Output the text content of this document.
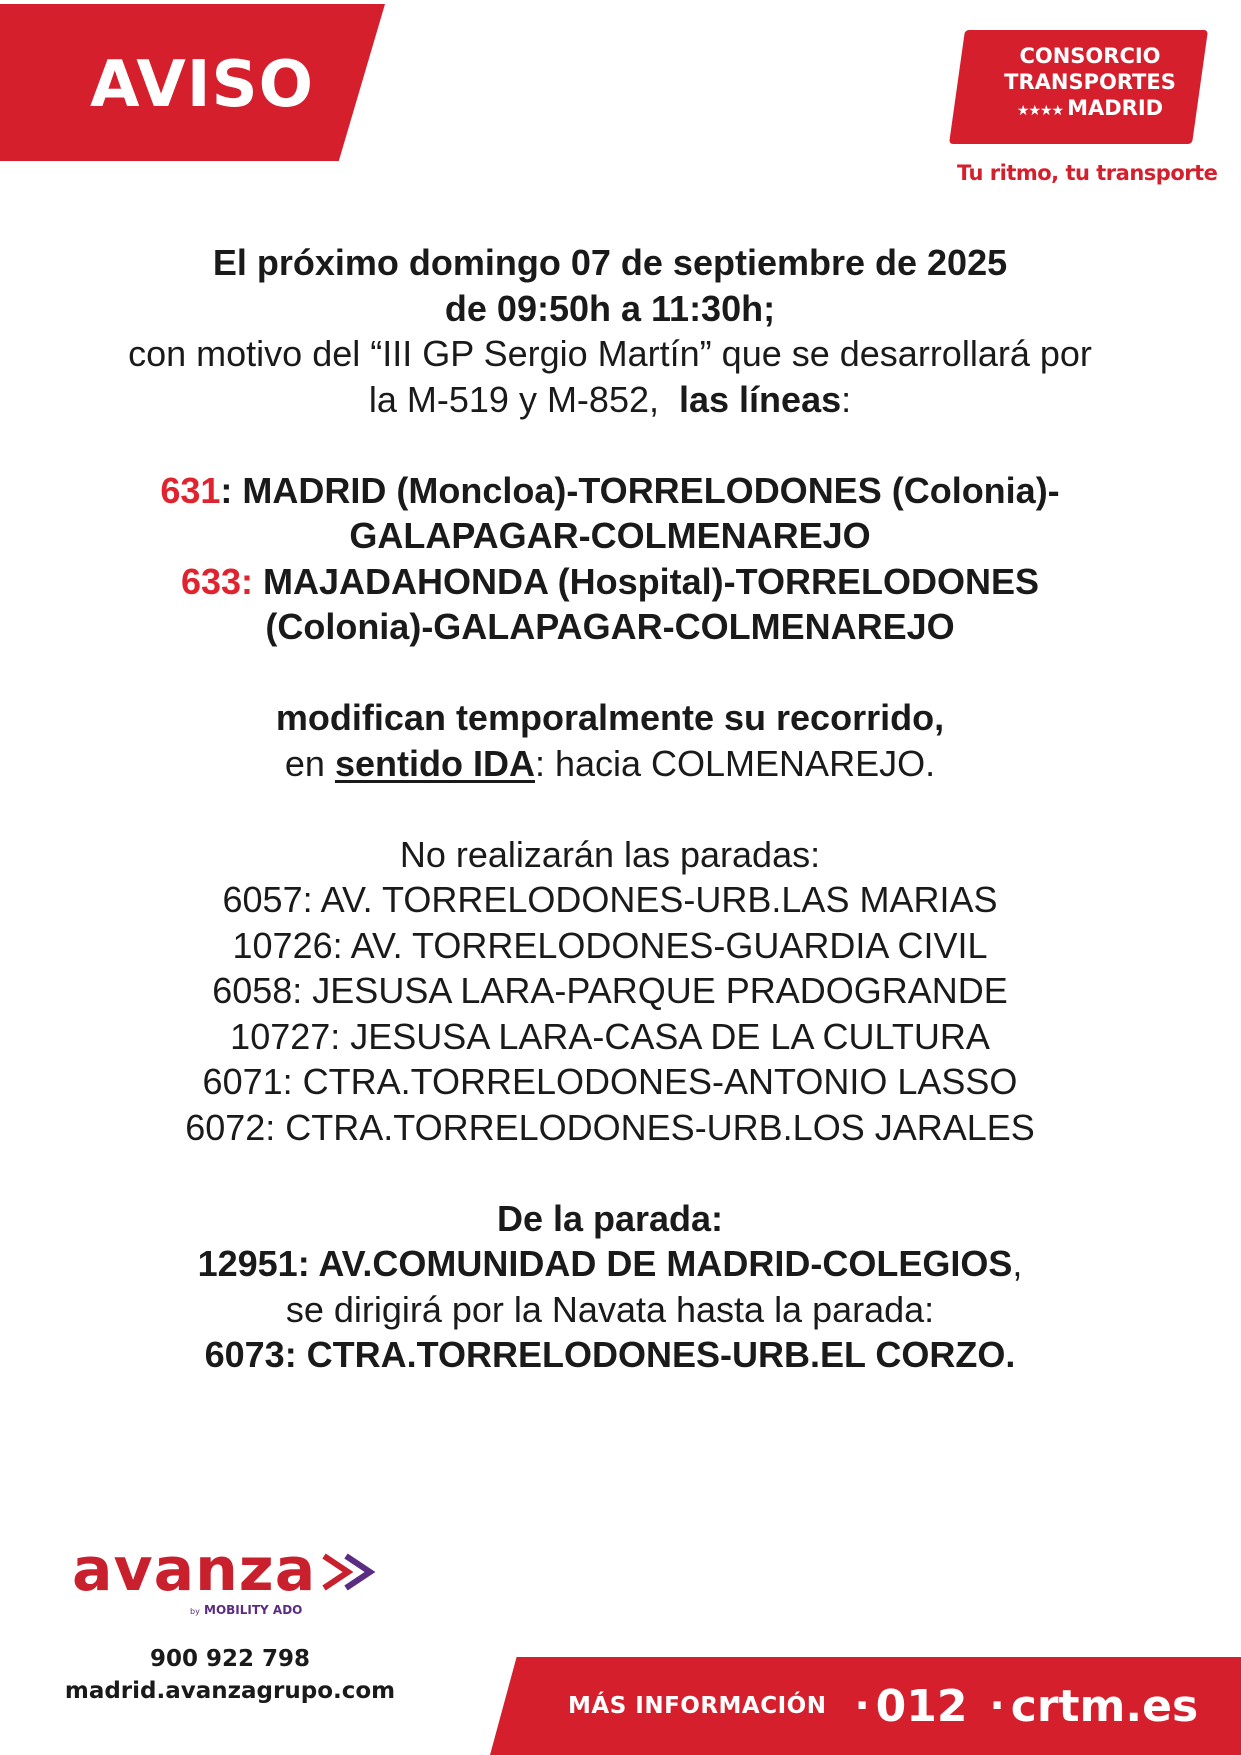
AVISO	CONSORCIO
TRANSPORTES
★★★★ MADRID
Tu ritmo, tu transporte
El próximo domingo 07 de septiembre de 2025
de 09:50h a 11:30h;
con motivo del “III GP Sergio Martín” que se desarrollará por
la M-519 y M-852, las líneas:
631: MADRID (Moncloa)-TORRELODONES (Colonia)-
GALAPAGAR-COLMENAREJO
633: MAJADAHONDA (Hospital)-TORRELODONES
(Colonia)-GALAPAGAR-COLMENAREJO
modifican temporalmente su recorrido,
en sentido IDA: hacia COLMENAREJO.
No realizarán las paradas:
6057: AV. TORRELODONES-URB.LAS MARIAS
10726: AV. TORRELODONES-GUARDIA CIVIL
6058: JESUSA LARA-PARQUE PRADOGRANDE
10727: JESUSA LARA-CASA DE LA CULTURA
6071: CTRA.TORRELODONES-ANTONIO LASSO
6072: CTRA.TORRELODONES-URB.LOS JARALES
De la parada:
12951: AV.COMUNIDAD DE MADRID-COLEGIOS,
se dirigirá por la Navata hasta la parada:
6073: CTRA.TORRELODONES-URB.EL CORZO.
avanza
by MOBILITY ADO
900 922 798
madrid.avanzagrupo.com
MÁS INFORMACIÓN · 012 · crtm.es
